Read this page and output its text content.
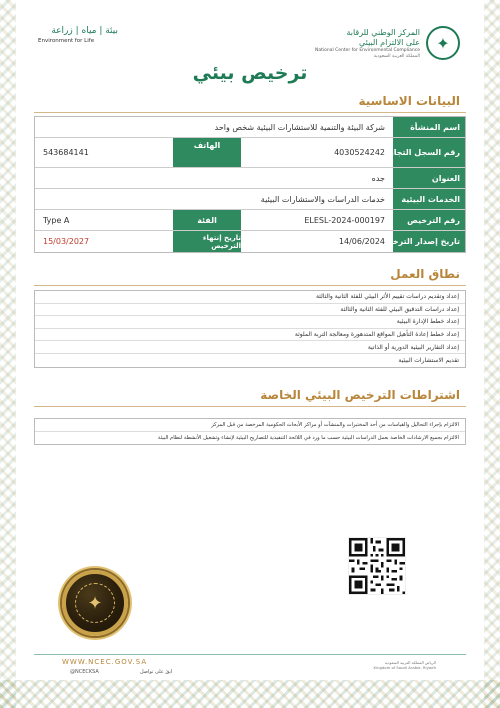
✦
المركز الوطني للرقابة
على الالتزام البيئي
National Center for Environmental Compliance
المملكة العربية السعودية
بيئة | مياه | زراعة
Environment for Life
ترخيص بيئي
البيانات الاساسية
اسم المنشأة
شركة البيئة والتنمية للاستشارات البيئية شخص واحد
رقم السجل التجاري
4030524242
الهاتف
543684141
العنوان
جده
الخدمات البيئية
خدمات الدراسات والاستشارات البيئية
رقم الترخيص
ELESL-2024-000197
الفئة
Type A
تاريخ إصدار الترخيص
14/06/2024
تاريخ إنتهاء الترخيص
15/03/2027
نطاق العمل
إعداد وتقديم دراسات تقييم الأثر البيئي للفئة الثانية والثالثة
إعداد دراسات التدقيق البيئي للفئة الثانية والثالثة
إعداد خطط الإدارة البيئية
إعداد خطط إعادة التأهيل المواقع المتدهورة ومعالجة التربة الملوثة
إعداد التقارير البيئية الدورية أو الذاتية
تقديم الاستشارات البيئية
اشتراطات الترخيص البيئي الخاصة
الالتزام بإجراء التحاليل والقياسات من أحد المختبرات والمنشآت أو مراكز الأبحاث الحكومية المرخصة من قبل المركز
الالتزام بجميع الارشادات الخاصة بعمل الدراسات البيئية حسب ما ورد في اللائحة التنفيذية للتصاريح البيئية لإنشاء وتشغيل الأنشطة لنظام البيئة
✦
WWW.NCEC.GOV.SA
@NCECKSA	ابقَ على تواصل
الرياض المملكة العربية السعودية
Kingdom of Saudi Arabia, Riyadh
